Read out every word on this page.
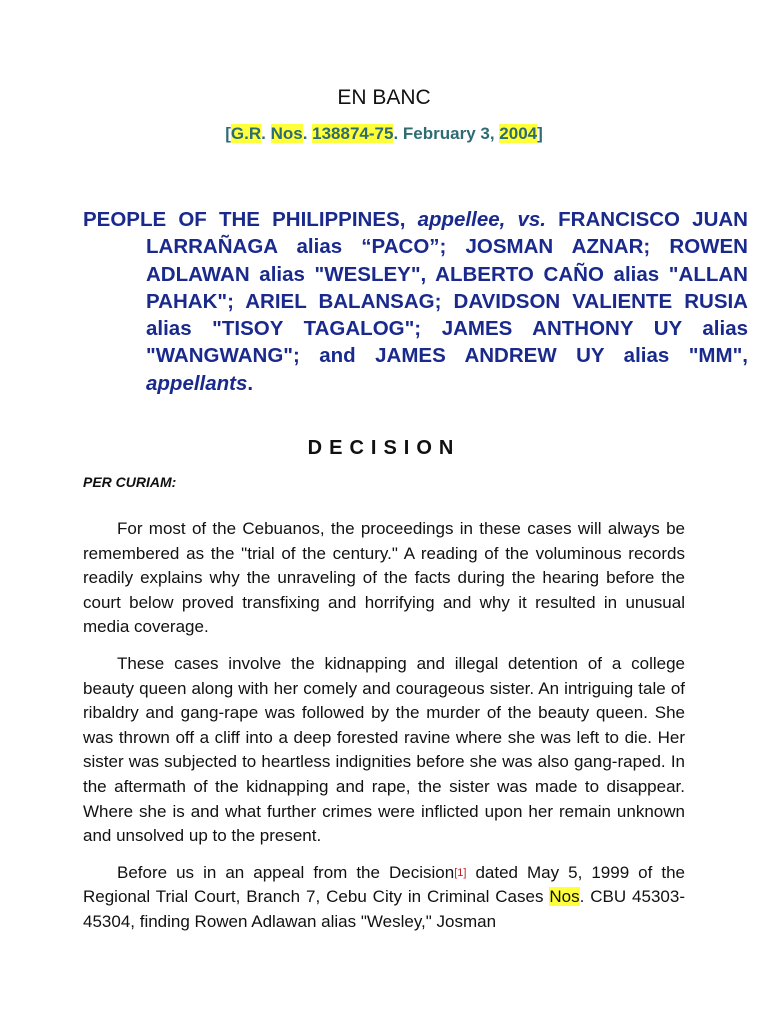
EN BANC
[G.R. Nos. 138874-75. February 3, 2004]
PEOPLE OF THE PHILIPPINES, appellee, vs. FRANCISCO JUAN LARRAÑAGA alias “PACO”; JOSMAN AZNAR; ROWEN ADLAWAN alias "WESLEY", ALBERTO CAÑO alias "ALLAN PAHAK"; ARIEL BALANSAG; DAVIDSON VALIENTE RUSIA alias "TISOY TAGALOG"; JAMES ANTHONY UY alias "WANGWANG"; and JAMES ANDREW UY alias "MM", appellants.
DECISION
PER CURIAM:

For most of the Cebuanos, the proceedings in these cases will always be remembered as the "trial of the century." A reading of the voluminous records readily explains why the unraveling of the facts during the hearing before the court below proved transfixing and horrifying and why it resulted in unusual media coverage.

These cases involve the kidnapping and illegal detention of a college beauty queen along with her comely and courageous sister. An intriguing tale of ribaldry and gang-rape was followed by the murder of the beauty queen. She was thrown off a cliff into a deep forested ravine where she was left to die. Her sister was subjected to heartless indignities before she was also gang-raped. In the aftermath of the kidnapping and rape, the sister was made to disappear. Where she is and what further crimes were inflicted upon her remain unknown and unsolved up to the present.

Before us in an appeal from the Decision[1] dated May 5, 1999 of the Regional Trial Court, Branch 7, Cebu City in Criminal Cases Nos. CBU 45303-45304, finding Rowen Adlawan alias "Wesley," Josman
